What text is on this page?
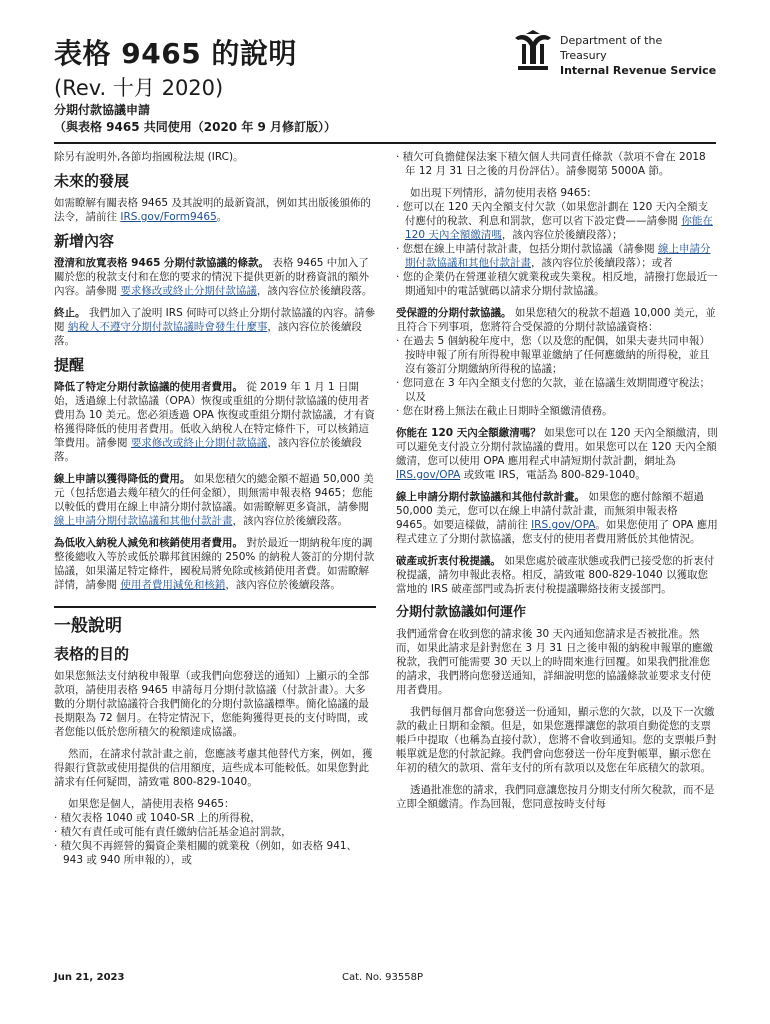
表格 9465 的說明
(Rev. 十月 2020)
分期付款協議申請
（與表格 9465 共同使用（2020 年 9 月修訂版））
Department of the
Treasury
Internal Revenue Service

除另有說明外,各節均指國稅法規 (IRC)。

未來的發展

如需瞭解有關表格 9465 及其說明的最新資訊，例如其出版後頒佈的法令，請前往 IRS.gov/Form9465。

新增內容

澄清和放寬表格 9465 分期付款協議的條款。 表格 9465 中加入了關於您的稅款支付和在您的要求的情況下提供更新的財務資訊的額外內容。請參閱 要求修改或終止分期付款協議，該內容位於後續段落。

終止。 我們加入了說明 IRS 何時可以終止分期付款協議的內容。請參閱 納稅人不遵守分期付款協議時會發生什麼事，該內容位於後續段落。

提醒

降低了特定分期付款協議的使用者費用。 從 2019 年 1 月 1 日開始，透過線上付款協議（OPA）恢復或重組的分期付款協議的使用者費用為 10 美元。您必須透過 OPA 恢復或重組分期付款協議，才有資格獲得降低的使用者費用。低收入納稅人在特定條件下，可以核銷這筆費用。請參閱 要求修改或終止分期付款協議，該內容位於後續段落。

線上申請以獲得降低的費用。 如果您積欠的總金額不超過 50,000 美元（包括您過去幾年積欠的任何金額），則無需申報表格 9465；您能以較低的費用在線上申請分期付款協議。如需瞭解更多資訊，請參閱 線上申請分期付款協議和其他付款計畫，該內容位於後續段落。

為低收入納稅人減免和核銷使用者費用。 對於最近一期納稅年度的調整後總收入等於或低於聯邦貧困線的 250% 的納稅人簽訂的分期付款協議，如果滿足特定條件，國稅局將免除或核銷使用者費。如需瞭解詳情，請參閱 使用者費用減免和核銷，該內容位於後續段落。

一般說明
表格的目的

如果您無法支付納稅申報單（或我們向您發送的通知）上顯示的全部款項，請使用表格 9465 申請每月分期付款協議（付款計畫）。大多數的分期付款協議符合我們簡化的分期付款協議標準。簡化協議的最長期限為 72 個月。在特定情況下，您能夠獲得更長的支付時間，或者您能以低於您所積欠的稅額達成協議。

然而，在請求付款計畫之前，您應該考慮其他替代方案，例如，獲得銀行貸款或使用提供的信用額度，這些成本可能較低。如果您對此請求有任何疑問，請致電 800-829-1040。

如果您是個人，請使用表格 9465：

· 積欠表格 1040 或 1040-SR 上的所得稅，

· 積欠有責任或可能有責任繳納信託基金追討罰款，

· 積欠與不再經營的獨資企業相關的就業稅（例如，如表格 941、943 或 940 所申報的），或

· 積欠可負擔健保法案下積欠個人共同責任條款（款項不會在 2018 年 12 月 31 日之後的月份評估）。請參閱第 5000A 節。

如出現下列情形，請勿使用表格 9465:

· 您可以在 120 天內全額支付欠款（如果您計劃在 120 天內全額支付應付的稅款、利息和罰款，您可以省下設定費——請參閱 你能在 120 天內全額繳清嗎，該內容位於後續段落）；

· 您想在線上申請付款計畫，包括分期付款協議（請參閱 線上申請分期付款協議和其他付款計畫，該內容位於後續段落）；或者

· 您的企業仍在營運並積欠就業稅或失業稅。相反地，請撥打您最近一期通知中的電話號碼以請求分期付款協議。

受保證的分期付款協議。 如果您積欠的稅款不超過 10,000 美元，並且符合下列事項，您將符合受保證的分期付款協議資格：

· 在過去 5 個納稅年度中，您（以及您的配偶，如果夫妻共同申報）按時申報了所有所得稅申報單並繳納了任何應繳納的所得稅，並且沒有簽訂分期繳納所得稅的協議；

· 您同意在 3 年內全額支付您的欠款，並在協議生效期間遵守稅法；以及

· 您在財務上無法在截止日期時全額繳清債務。

你能在 120 天內全額繳清嗎？ 如果您可以在 120 天內全額繳清，則可以避免支付設立分期付款協議的費用。如果您可以在 120 天內全額繳清，您可以使用 OPA 應用程式申請短期付款計劃，網址為 IRS.gov/OPA 或致電 IRS，電話為 800-829-1040。

線上申請分期付款協議和其他付款計畫。 如果您的應付餘額不超過 50,000 美元，您可以在線上申請付款計畫，而無須申報表格 9465。如要這樣做，請前往 IRS.gov/OPA。如果您使用了 OPA 應用程式建立了分期付款協議，您支付的使用者費用將低於其他情況。

破產或折衷付稅提議。 如果您處於破產狀態或我們已接受您的折衷付稅提議，請勿申報此表格。相反，請致電 800-829-1040 以獲取您當地的 IRS 破產部門或為折衷付稅提議聯絡技術支援部門。

分期付款協議如何運作

我們通常會在收到您的請求後 30 天內通知您請求是否被批准。然而，如果此請求是針對您在 3 月 31 日之後申報的納稅申報單的應繳稅款，我們可能需要 30 天以上的時間來進行回覆。如果我們批准您的請求，我們將向您發送通知，詳細說明您的協議條款並要求支付使用者費用。

我們每個月都會向您發送一份通知，顯示您的欠款，以及下一次繳款的截止日期和金額。但是，如果您選擇讓您的款項自動從您的支票帳戶中提取（也稱為直接付款），您將不會收到通知。您的支票帳戶對帳單就是您的付款記錄。我們會向您發送一份年度對帳單，顯示您在年初的積欠的款項、當年支付的所有款項以及您在年底積欠的款項。

透過批准您的請求，我們同意讓您按月分期支付所欠稅款，而不是立即全額繳清。作為回報，您同意按時支付每

Jun 21, 2023	Cat. No. 93558P
